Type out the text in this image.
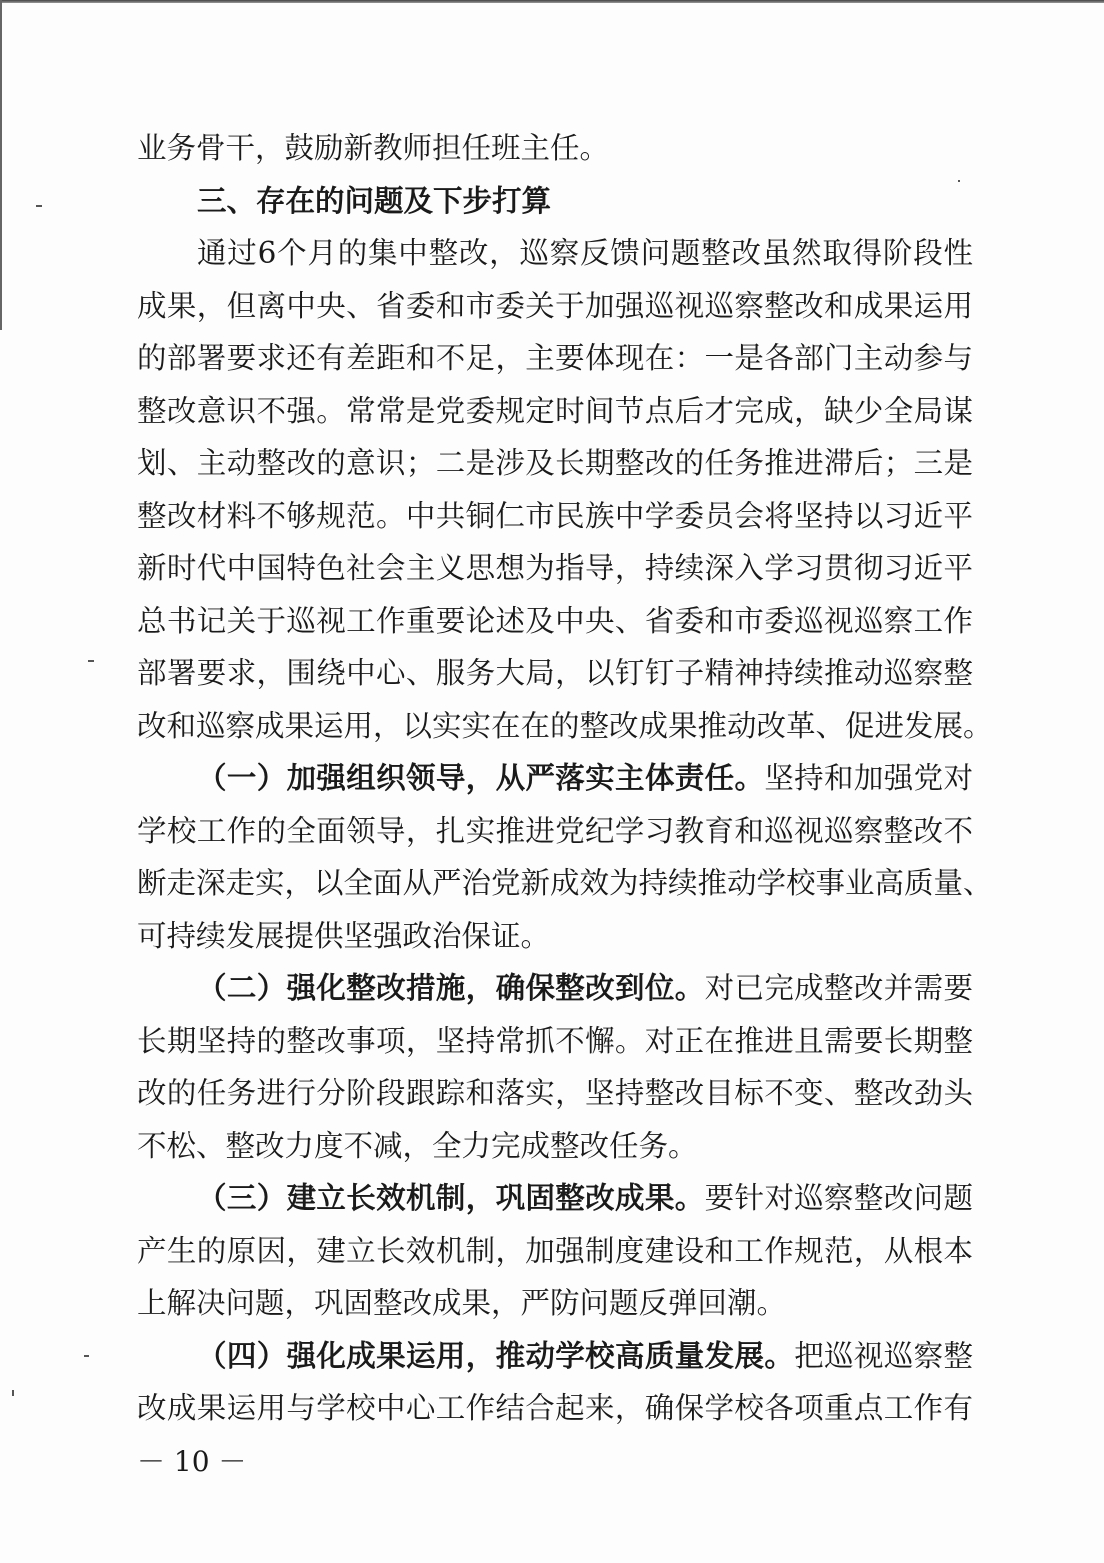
业务骨干，鼓励新教师担任班主任。
三、存在的问题及下步打算
通过6个月的集中整改，巡察反馈问题整改虽然取得阶段性
成果，但离中央、省委和市委关于加强巡视巡察整改和成果运用
的部署要求还有差距和不足，主要体现在：一是各部门主动参与
整改意识不强。常常是党委规定时间节点后才完成，缺少全局谋
划、主动整改的意识；二是涉及长期整改的任务推进滞后；三是
整改材料不够规范。中共铜仁市民族中学委员会将坚持以习近平
新时代中国特色社会主义思想为指导，持续深入学习贯彻习近平
总书记关于巡视工作重要论述及中央、省委和市委巡视巡察工作
部署要求，围绕中心、服务大局，以钉钉子精神持续推动巡察整
改和巡察成果运用，以实实在在的整改成果推动改革、促进发展。
（一）加强组织领导，从严落实主体责任。坚持和加强党对
学校工作的全面领导，扎实推进党纪学习教育和巡视巡察整改不
断走深走实，以全面从严治党新成效为持续推动学校事业高质量、
可持续发展提供坚强政治保证。
（二）强化整改措施，确保整改到位。对已完成整改并需要
长期坚持的整改事项，坚持常抓不懈。对正在推进且需要长期整
改的任务进行分阶段跟踪和落实，坚持整改目标不变、整改劲头
不松、整改力度不减，全力完成整改任务。
（三）建立长效机制，巩固整改成果。要针对巡察整改问题
产生的原因，建立长效机制，加强制度建设和工作规范，从根本
上解决问题，巩固整改成果，严防问题反弹回潮。
（四）强化成果运用，推动学校高质量发展。把巡视巡察整
改成果运用与学校中心工作结合起来，确保学校各项重点工作有
－ 10 －
